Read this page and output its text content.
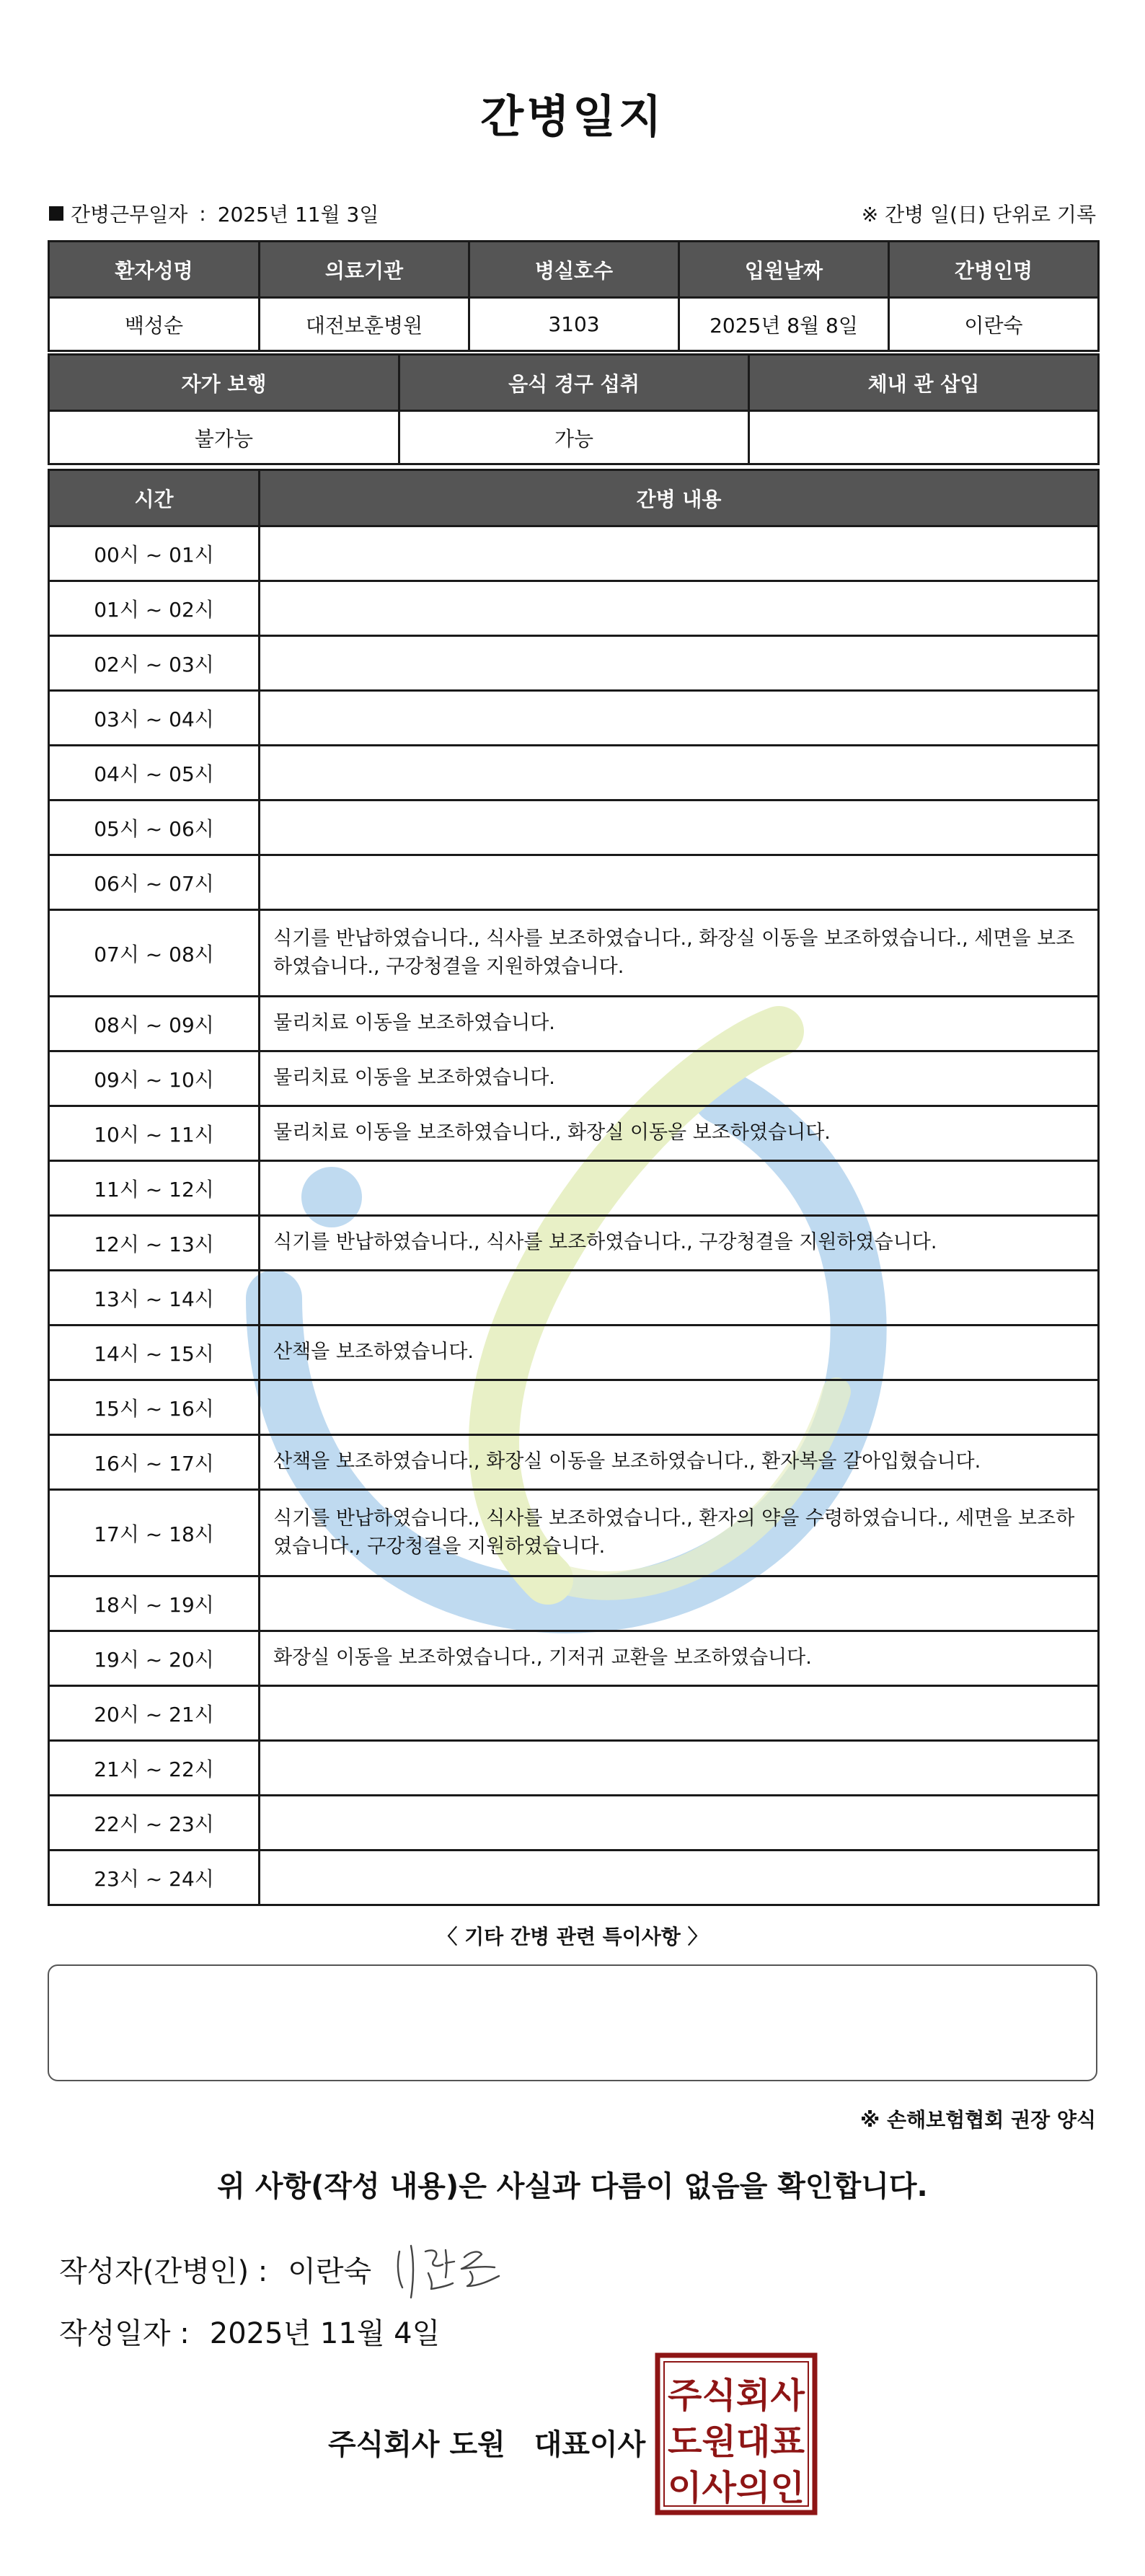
간병일지
간병근무일자 : 2025년 11월 3일	※ 간병 일(日) 단위로 기록
환자성명	의료기관	병실호수	입원날짜	간병인명
백성순	대전보훈병원	3103	2025년 8월 8일	이란숙
자가 보행	음식 경구 섭취	체내 관 삽입
불가능	가능	
시간	간병 내용
00시 ~ 01시	
01시 ~ 02시	
02시 ~ 03시	
03시 ~ 04시	
04시 ~ 05시	
05시 ~ 06시	
06시 ~ 07시	
07시 ~ 08시	식기를 반납하였습니다., 식사를 보조하였습니다., 화장실 이동을 보조하였습니다., 세면을 보조하였습니다., 구강청결을 지원하였습니다.
08시 ~ 09시	물리치료 이동을 보조하였습니다.
09시 ~ 10시	물리치료 이동을 보조하였습니다.
10시 ~ 11시	물리치료 이동을 보조하였습니다., 화장실 이동을 보조하였습니다.
11시 ~ 12시	
12시 ~ 13시	식기를 반납하였습니다., 식사를 보조하였습니다., 구강청결을 지원하였습니다.
13시 ~ 14시	
14시 ~ 15시	산책을 보조하였습니다.
15시 ~ 16시	
16시 ~ 17시	산책을 보조하였습니다., 화장실 이동을 보조하였습니다., 환자복을 갈아입혔습니다.
17시 ~ 18시	식기를 반납하였습니다., 식사를 보조하였습니다., 환자의 약을 수령하였습니다., 세면을 보조하였습니다., 구강청결을 지원하였습니다.
18시 ~ 19시	
19시 ~ 20시	화장실 이동을 보조하였습니다., 기저귀 교환을 보조하였습니다.
20시 ~ 21시	
21시 ~ 22시	
22시 ~ 23시	
23시 ~ 24시	
〈 기타 간병 관련 특이사항 〉
※ 손해보험협회 권장 양식
위 사항(작성 내용)은 사실과 다름이 없음을 확인합니다.
작성자(간병인) : 이란숙
작성일자 : 2025년 11월 4일
주식회사 도원 대표이사
주식회사
도원대표
이사의인
